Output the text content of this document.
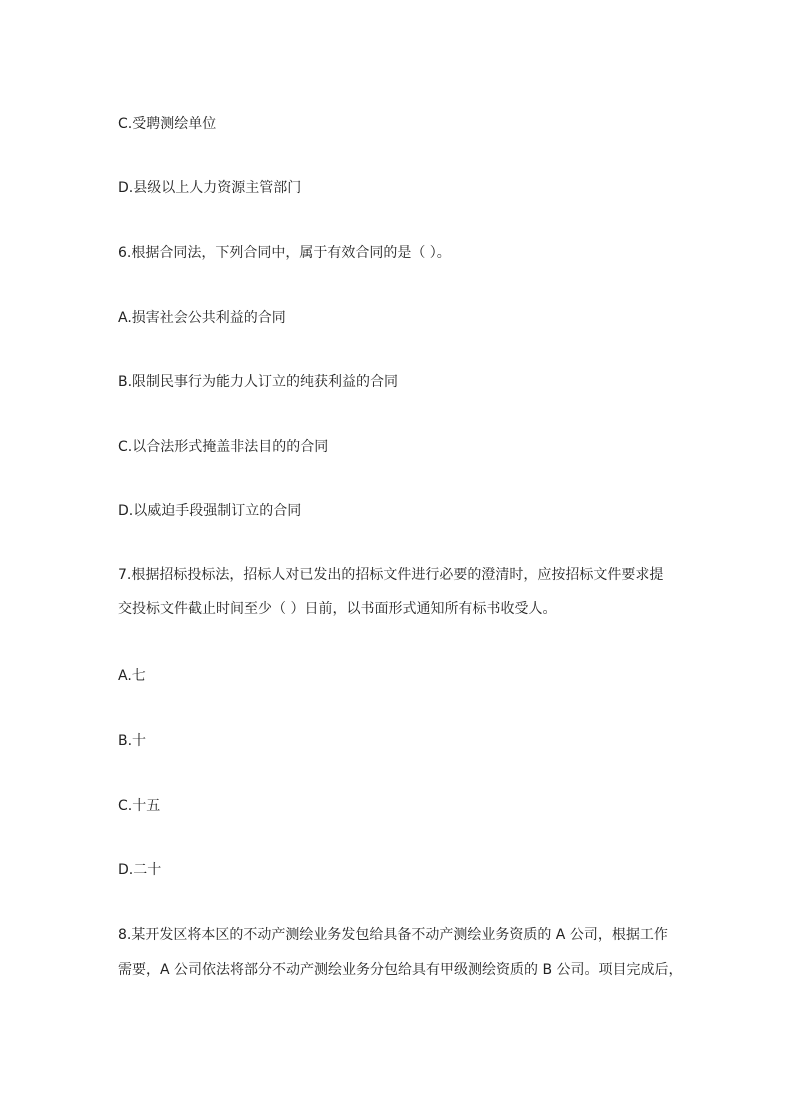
C.受聘测绘单位
D.县级以上人力资源主管部门
6.根据合同法，下列合同中，属于有效合同的是（ ）。
A.损害社会公共利益的合同
B.限制民事行为能力人订立的纯获利益的合同
C.以合法形式掩盖非法目的的合同
D.以威迫手段强制订立的合同
7.根据招标投标法，招标人对已发出的招标文件进行必要的澄清时，应按招标文件要求提
交投标文件截止时间至少（ ）日前，以书面形式通知所有标书收受人。
A.七
B.十
C.十五
D.二十
8.某开发区将本区的不动产测绘业务发包给具备不动产测绘业务资质的 A 公司，根据工作
需要，A 公司依法将部分不动产测绘业务分包给具有甲级测绘资质的 B 公司。项目完成后，
